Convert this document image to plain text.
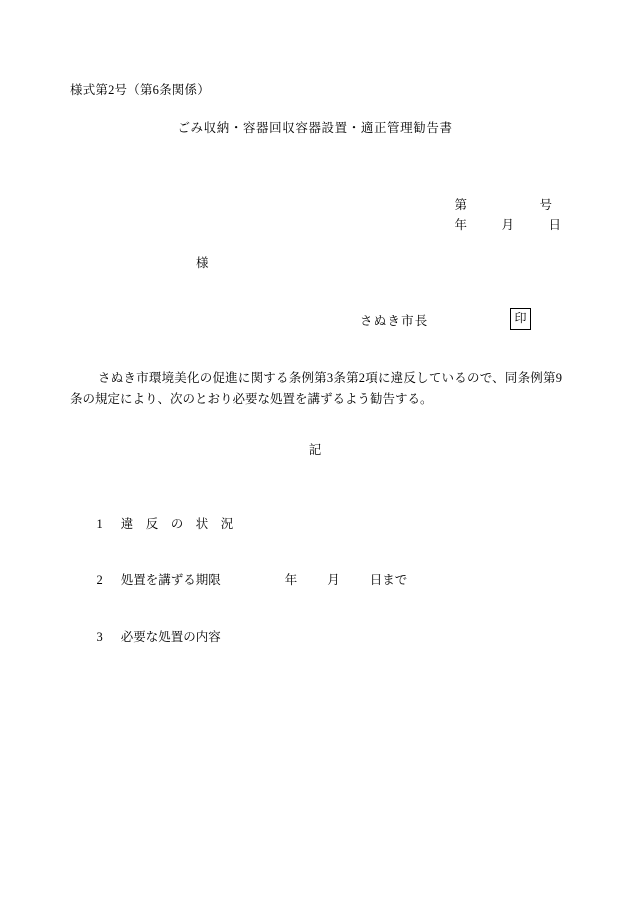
様式第2号（第6条関係）
ごみ収納・容器回収容器設置・適正管理勧告書

第	号

年	月	日

様
さぬき市長	印
さぬき市環境美化の促進に関する条例第3条第2項に違反しているので、同条例第9条の規定により、次のとおり必要な処置を講ずるよう勧告する。
記

1 違　反　の　状　況

2 処置を講ずる期限	年 月 日まで

3 必要な処置の内容
